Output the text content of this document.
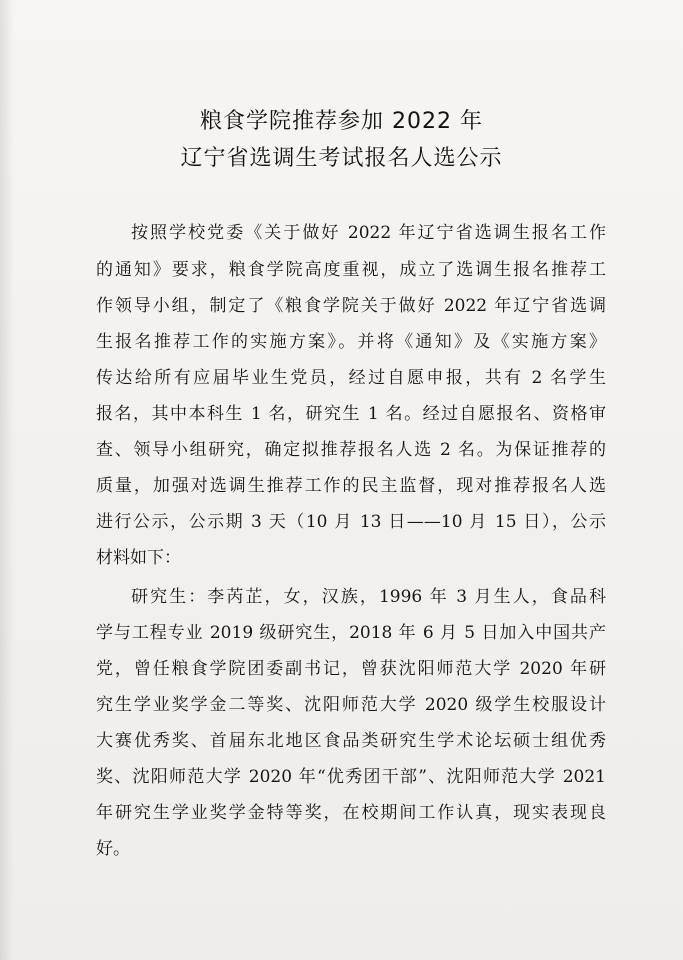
粮食学院推荐参加 2022 年
辽宁省选调生考试报名人选公示
按照学校党委《关于做好 2022 年辽宁省选调生报名工作
的通知》要求，粮食学院高度重视，成立了选调生报名推荐工
作领导小组，制定了《粮食学院关于做好 2022 年辽宁省选调
生报名推荐工作的实施方案》。并将《通知》及《实施方案》
传达给所有应届毕业生党员，经过自愿申报，共有 2 名学生
报名，其中本科生 1 名，研究生 1 名。经过自愿报名、资格审
查、领导小组研究，确定拟推荐报名人选 2 名。为保证推荐的
质量，加强对选调生推荐工作的民主监督，现对推荐报名人选
进行公示，公示期 3 天（10 月 13 日——10 月 15 日），公示
材料如下：
研究生：李芮芷，女，汉族，1996 年 3 月生人，食品科
学与工程专业 2019 级研究生，2018 年 6 月 5 日加入中国共产
党，曾任粮食学院团委副书记，曾获沈阳师范大学 2020 年研
究生学业奖学金二等奖、沈阳师范大学 2020 级学生校服设计
大赛优秀奖、首届东北地区食品类研究生学术论坛硕士组优秀
奖、沈阳师范大学 2020 年“优秀团干部”、沈阳师范大学 2021
年研究生学业奖学金特等奖，在校期间工作认真，现实表现良
好。
